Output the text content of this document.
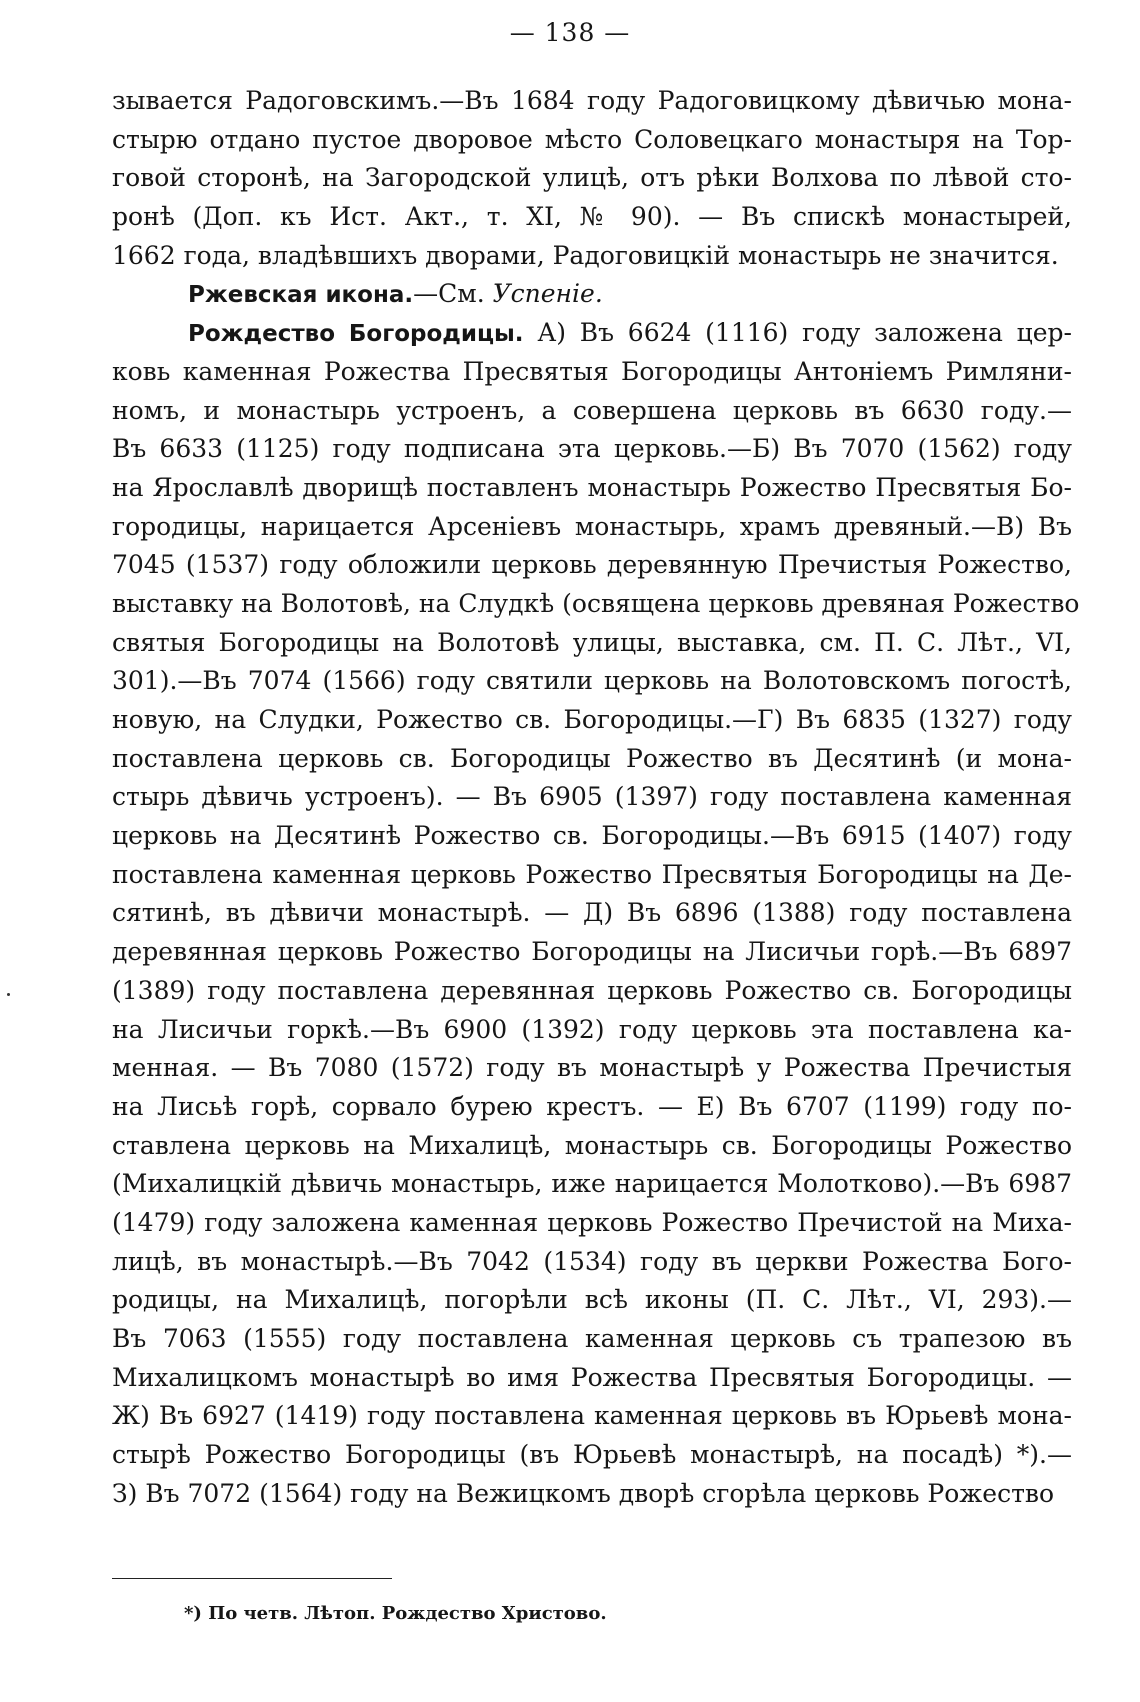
— 138 —
зывается Радоговскимъ.—Въ 1684 году Радоговицкому дѣвичью мона-
стырю отдано пустое дворовое мѣсто Соловецкаго монастыря на Тор-
говой сторонѣ, на Загородской улицѣ, отъ рѣки Волхова по лѣвой сто-
ронѣ (Доп. къ Ист. Акт., т. XI, № 90). — Въ спискѣ монастырей,
1662 года, владѣвшихъ дворами, Радоговицкій монастырь не значится.
Ржевская икона.—См. Успеніе.
Рождество Богородицы. А) Въ 6624 (1116) году заложена цер-
ковь каменная Рожества Пресвятыя Богородицы Антоніемъ Римляни-
номъ, и монастырь устроенъ, а совершена церковь въ 6630 году.—
Въ 6633 (1125) году подписана эта церковь.—Б) Въ 7070 (1562) году
на Ярославлѣ дворищѣ поставленъ монастырь Рожество Пресвятыя Бо-
городицы, нарицается Арсеніевъ монастырь, храмъ древяный.—В) Въ
7045 (1537) году обложили церковь деревянную Пречистыя Рожество,
выставку на Волотовѣ, на Слудкѣ (освящена церковь древяная Рожество
святыя Богородицы на Волотовѣ улицы, выставка, см. П. С. Лѣт., VI,
301).—Въ 7074 (1566) году святили церковь на Волотовскомъ погостѣ,
новую, на Слудки, Рожество св. Богородицы.—Г) Въ 6835 (1327) году
поставлена церковь св. Богородицы Рожество въ Десятинѣ (и мона-
стырь дѣвичь устроенъ). — Въ 6905 (1397) году поставлена каменная
церковь на Десятинѣ Рожество св. Богородицы.—Въ 6915 (1407) году
поставлена каменная церковь Рожество Пресвятыя Богородицы на Де-
сятинѣ, въ дѣвичи монастырѣ. — Д) Въ 6896 (1388) году поставлена
деревянная церковь Рожество Богородицы на Лисичьи горѣ.—Въ 6897
(1389) году поставлена деревянная церковь Рожество св. Богородицы
на Лисичьи горкѣ.—Въ 6900 (1392) году церковь эта поставлена ка-
менная. — Въ 7080 (1572) году въ монастырѣ у Рожества Пречистыя
на Лисьѣ горѣ, сорвало бурею крестъ. — Е) Въ 6707 (1199) году по-
ставлена церковь на Михалицѣ, монастырь св. Богородицы Рожество
(Михалицкій дѣвичь монастырь, иже нарицается Молотково).—Въ 6987
(1479) году заложена каменная церковь Рожество Пречистой на Миха-
лицѣ, въ монастырѣ.—Въ 7042 (1534) году въ церкви Рожества Бого-
родицы, на Михалицѣ, погорѣли всѣ иконы (П. С. Лѣт., VI, 293).—
Въ 7063 (1555) году поставлена каменная церковь съ трапезою въ
Михалицкомъ монастырѣ во имя Рожества Пресвятыя Богородицы. —
Ж) Въ 6927 (1419) году поставлена каменная церковь въ Юрьевѣ мона-
стырѣ Рожество Богородицы (въ Юрьевѣ монастырѣ, на посадѣ) *).—
З) Въ 7072 (1564) году на Вежицкомъ дворѣ сгорѣла церковь Рожество
*) По четв. Лѣтоп. Рождество Христово.
